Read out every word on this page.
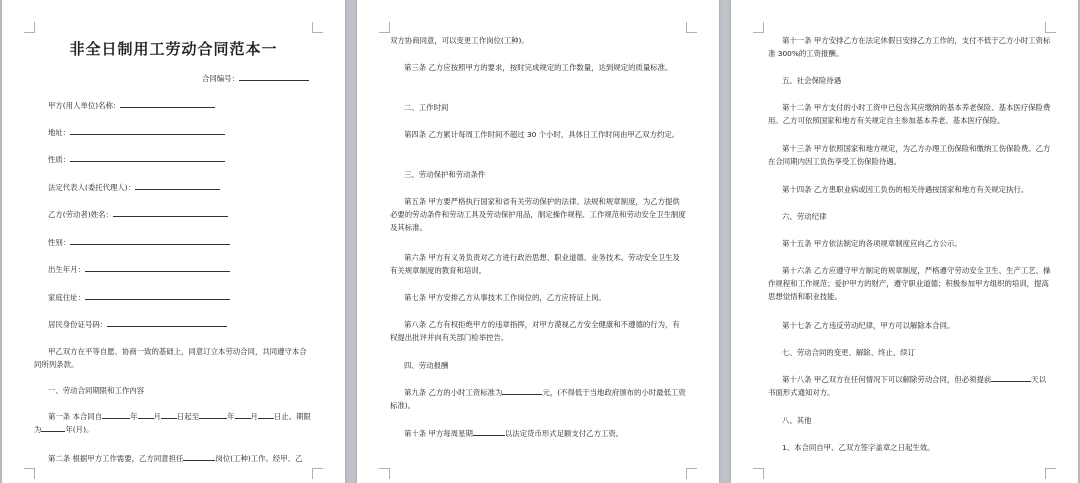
非全日制用工劳动合同范本一
合同编号：
甲方(用人单位)名称：
地址：
性质：
法定代表人(委托代理人)：
乙方(劳动者)姓名：
性别：
出生年月：
家庭住址：
居民身份证号码：
甲乙双方在平等自愿、协商一致的基础上，同意订立本劳动合同，共同遵守本合同所列条款。
一、劳动合同期限和工作内容
第一条 本合同自	年 月 日起至	年 月 日止。期限为	年(月)。
第二条 根据甲方工作需要，乙方同意担任	岗位(工种)工作。经甲、乙
双方协商同意，可以变更工作岗位(工种)。
第三条 乙方应按照甲方的要求，按时完成规定的工作数量，达到规定的质量标准。
二、工作时间
第四条 乙方累计每周工作时间不超过 30 个小时，具体日工作时间由甲乙双方约定。
三、劳动保护和劳动条件
第五条 甲方要严格执行国家和省有关劳动保护的法律、法规和规章制度，为乙方提供必要的劳动条件和劳动工具及劳动保护用品，制定操作规程、工作规范和劳动安全卫生制度及其标准。
第六条 甲方有义务负责对乙方进行政治思想、职业道德、业务技术、劳动安全卫生及有关规章制度的教育和培训。
第七条 甲方安排乙方从事技术工作岗位的，乙方应持证上岗。
第八条 乙方有权拒绝甲方的违章指挥，对甲方漠视乙方安全健康和不遵德的行为，有权提出批评并向有关部门检举控告。
四、劳动报酬
第九条 乙方的小时工资标准为	元，(不得低于当地政府颁布的小时最低工资标准)。
第十条 甲方每周星期	以法定货币形式足额支付乙方工资。
第十一条 甲方安排乙方在法定休假日安排乙方工作的，支付不低于乙方小时工资标准 300%的工资报酬。
五、社会保险待遇
第十二条 甲方支付的小时工资中已包含其应缴纳的基本养老保险、基本医疗保险费用。乙方可依照国家和地方有关规定自主参加基本养老、基本医疗保险。
第十三条 甲方依照国家和地方规定，为乙方办理工伤保险和缴纳工伤保险费。乙方在合同期内因工负伤享受工伤保险待遇。
第十四条 乙方患职业病或因工负伤的相关待遇按国家和地方有关规定执行。
六、劳动纪律
第十五条 甲方依法制定的各项规章制度应向乙方公示。
第十六条 乙方应遵守甲方制定的规章制度，严格遵守劳动安全卫生、生产工艺、操作规程和工作规范；爱护甲方的财产，遵守职业道德；积极参加甲方组织的培训，提高思想觉悟和职业技能。
第十七条 乙方违反劳动纪律，甲方可以解除本合同。
七、劳动合同的变更、解除、终止、续订
第十八条 甲乙双方在任何情况下可以解除劳动合同，但必须提前	天以书面形式通知对方。
八、其他
1、本合同自甲、乙双方签字盖章之日起生效。
